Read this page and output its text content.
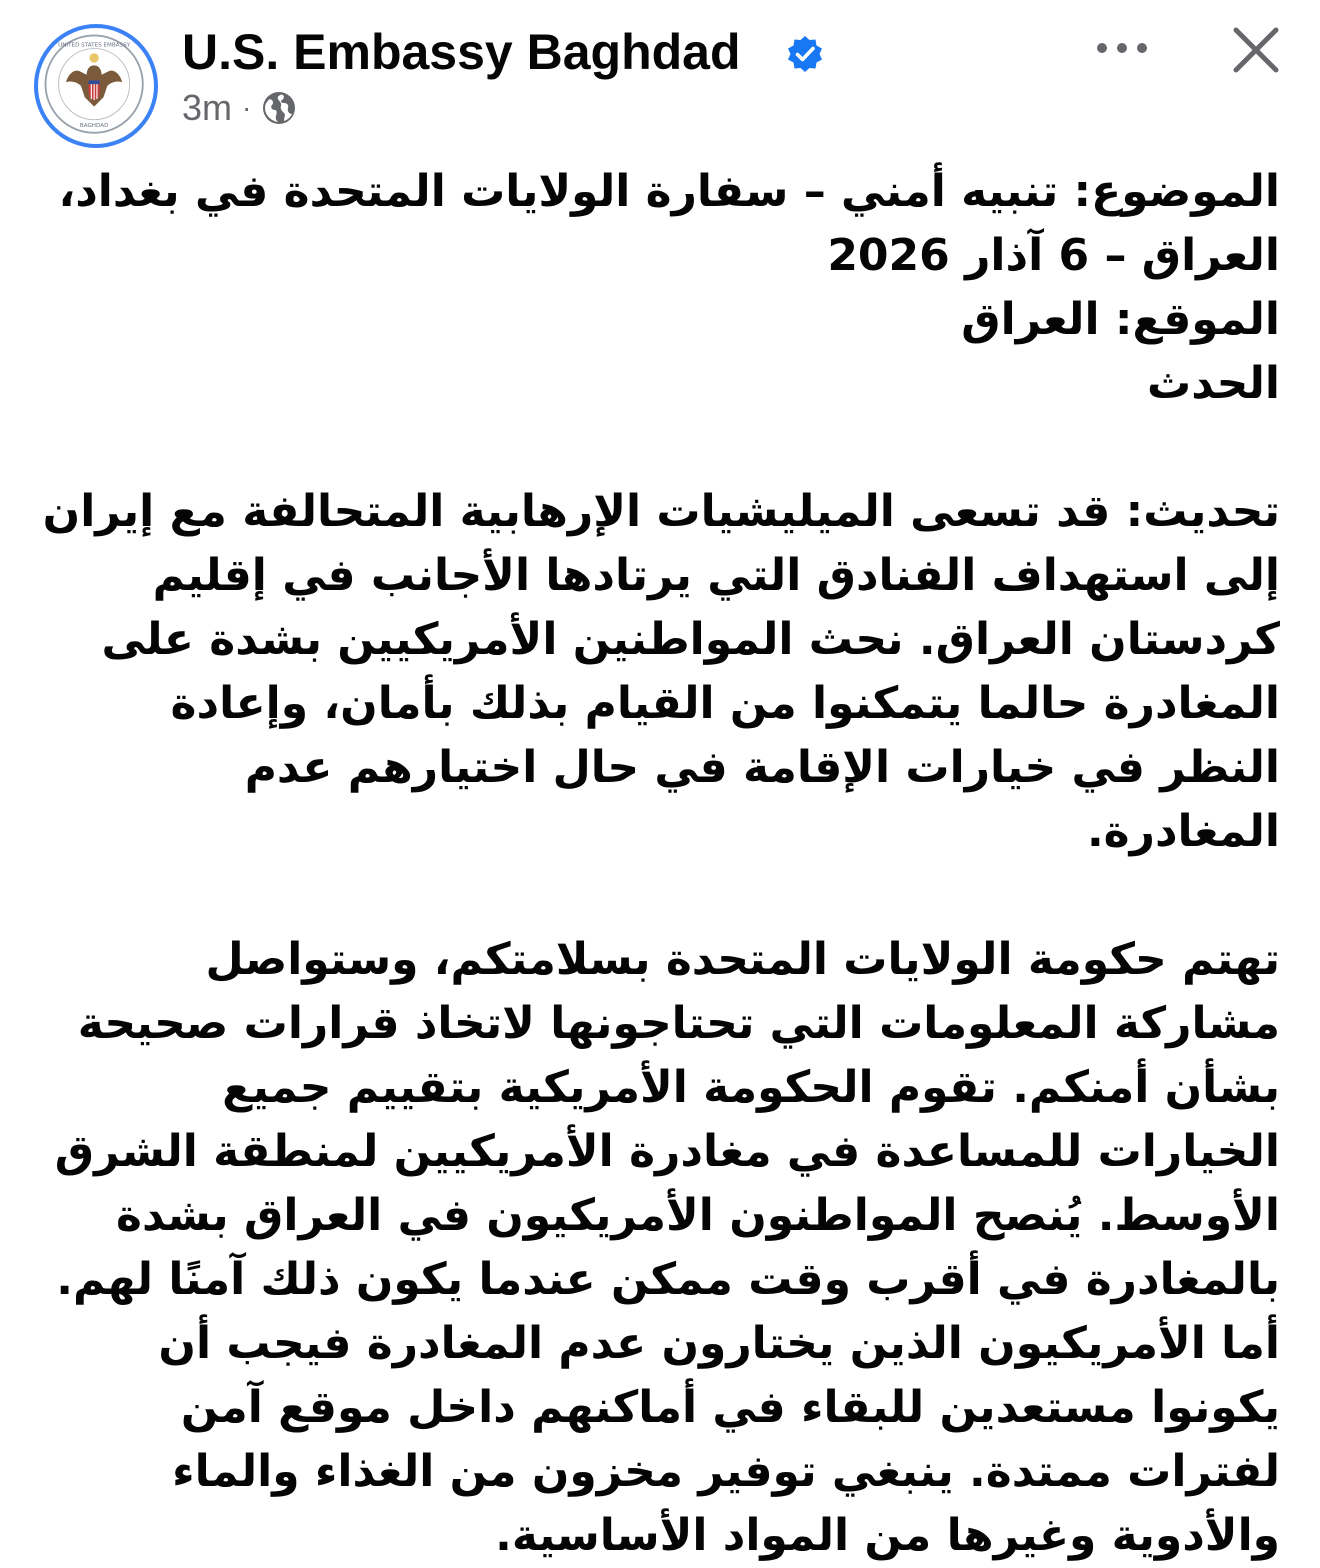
UNITED STATES EMBASSY
BAGHDAD
U.S. Embassy Baghdad
3m ·

الموضوع: تنبيه أمني – سفارة الولايات المتحدة في بغداد، العراق – 6 آذار 2026
الموقع: العراق
الحدث

تحديث: قد تسعى الميليشيات الإرهابية المتحالفة مع إيران إلى استهداف الفنادق التي يرتادها الأجانب في إقليم كردستان العراق. نحث المواطنين الأمريكيين بشدة على المغادرة حالما يتمكنوا من القيام بذلك بأمان، وإعادة النظر في خيارات الإقامة في حال اختيارهم عدم المغادرة.

تهتم حكومة الولايات المتحدة بسلامتكم، وستواصل مشاركة المعلومات التي تحتاجونها لاتخاذ قرارات صحيحة بشأن أمنكم. تقوم الحكومة الأمريكية بتقييم جميع الخيارات للمساعدة في مغادرة الأمريكيين لمنطقة الشرق الأوسط. يُنصح المواطنون الأمريكيون في العراق بشدة بالمغادرة في أقرب وقت ممكن عندما يكون ذلك آمنًا لهم. أما الأمريكيون الذين يختارون عدم المغادرة فيجب أن يكونوا مستعدين للبقاء في أماكنهم داخل موقع آمن لفترات ممتدة. ينبغي توفير مخزون من الغذاء والماء والأدوية وغيرها من المواد الأساسية.
